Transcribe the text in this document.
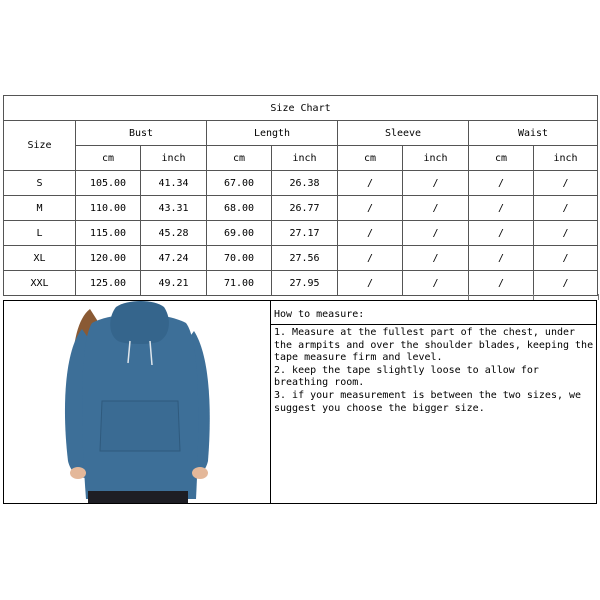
Size Chart								
Size	Bust		Length		Sleeve		Waist	
	cm	inch	cm	inch	cm	inch	cm	inch
S	105.00	41.34	67.00	26.38	/	/	/	/
M	110.00	43.31	68.00	26.77	/	/	/	/
L	115.00	45.28	69.00	27.17	/	/	/	/
XL	120.00	47.24	70.00	27.56	/	/	/	/
XXL	125.00	49.21	71.00	27.95	/	/	/	/
How to measure:

1. Measure at the fullest part of the chest, under the armpits and over the shoulder blades, keeping the tape measure firm and level.

2. keep the tape slightly loose to allow for breathing room.

3. if your measurement is between the two sizes, we suggest you choose the bigger size.
